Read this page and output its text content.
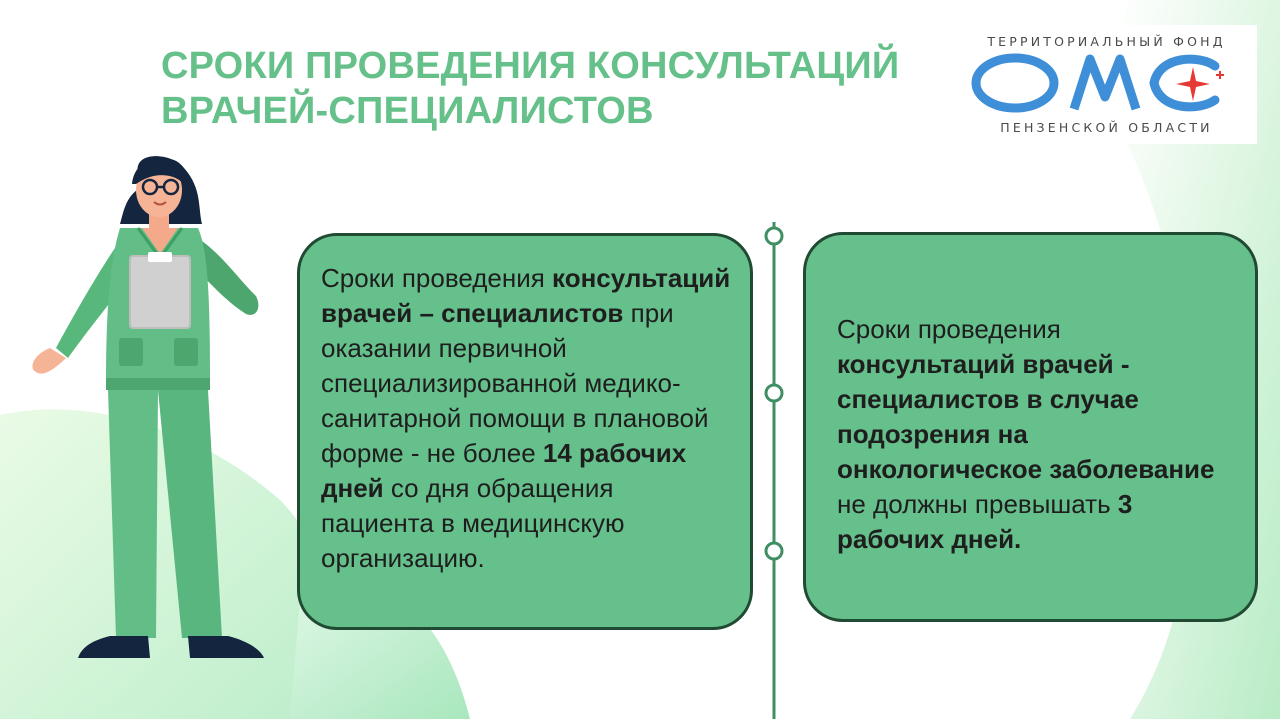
СРОКИ ПРОВЕДЕНИЯ КОНСУЛЬТАЦИЙ
ВРАЧЕЙ-СПЕЦИАЛИСТОВ
ТЕРРИТОРИАЛЬНЫЙ ФОНД
ПЕНЗЕНСКОЙ ОБЛАСТИ
Сроки проведения консультаций врачей – специалистов при оказании первичной специализированной медико-санитарной помощи в плановой форме - не более 14 рабочих дней со дня обращения пациента в медицинскую организацию.
Сроки проведения консультаций врачей - специалистов в случае подозрения на онкологическое заболевание не должны превышать 3 рабочих дней.
